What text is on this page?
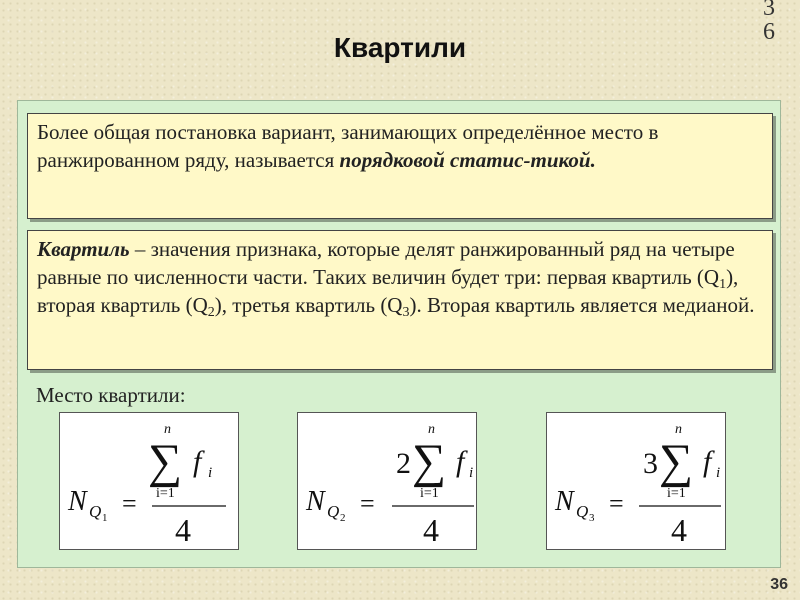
36
Квартили
Более общая постановка вариант, занимающих определённое место в ранжированном ряду, называется порядковой статис-тикой.
Квартиль – значения признака, которые делят ранжированный ряд на четыре равные по численности части. Таких величин будет три: первая квартиль $(Q_1)$, вторая квартиль $(Q_2)$, третья квартиль $(Q_3)$. Вторая квартиль является медианой.
Место квартили:
N Q 1 =
n
∑
i=1
f i
4
N Q 2 =
2
n
∑
i=1
f i
4
N Q 3 =
3
n
∑
i=1
f i
4
36
